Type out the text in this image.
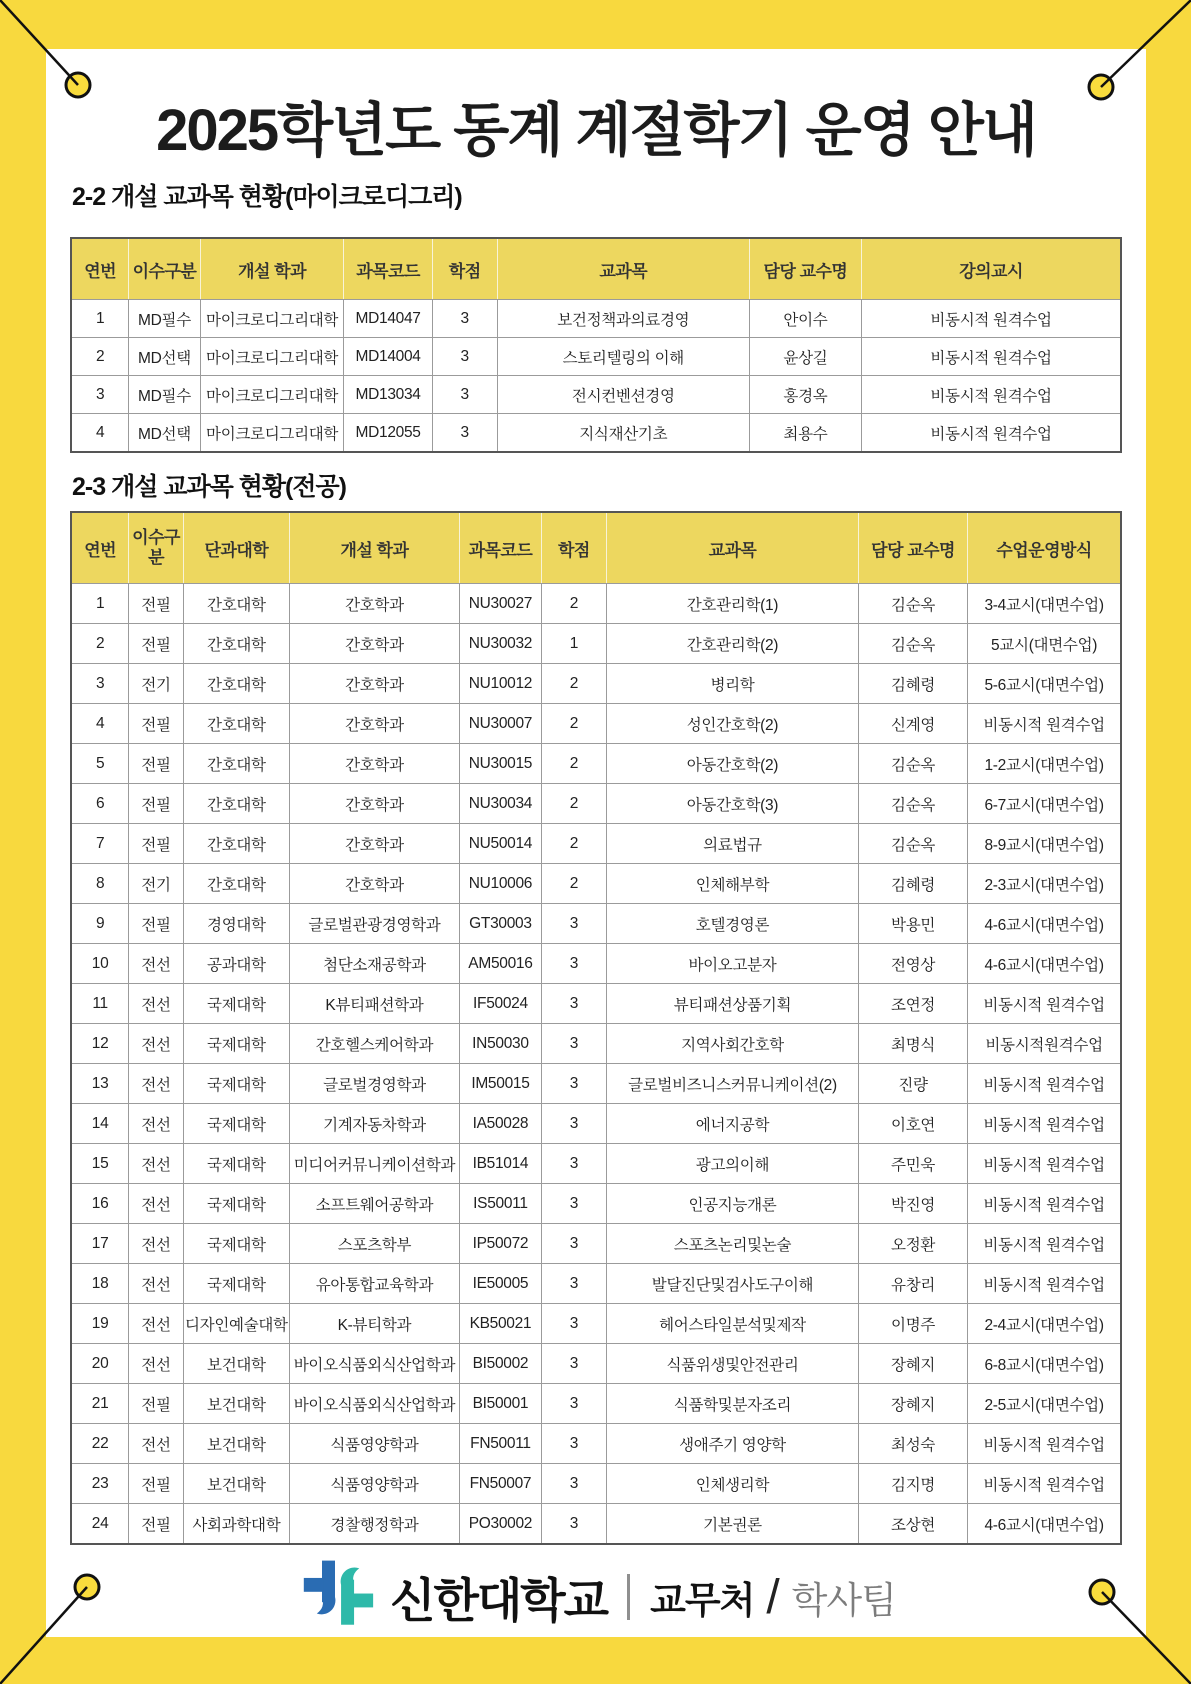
2025학년도 동계 계절학기 운영 안내
2-2 개설 교과목 현황(마이크로디그리)
연번	이수구분	개설 학과	과목코드	학점	교과목	담당 교수명	강의교시
1	MD필수	마이크로디그리대학	MD14047	3	보건정책과의료경영	안이수	비동시적 원격수업
2	MD선택	마이크로디그리대학	MD14004	3	스토리텔링의 이해	윤상길	비동시적 원격수업
3	MD필수	마이크로디그리대학	MD13034	3	전시컨벤션경영	홍경옥	비동시적 원격수업
4	MD선택	마이크로디그리대학	MD12055	3	지식재산기초	최용수	비동시적 원격수업
2-3 개설 교과목 현황(전공)
연번	이수구분	단과대학	개설 학과	과목코드	학점	교과목	담당 교수명	수업운영방식
1	전필	간호대학	간호학과	NU30027	2	간호관리학(1)	김순옥	3-4교시(대면수업)
2	전필	간호대학	간호학과	NU30032	1	간호관리학(2)	김순옥	5교시(대면수업)
3	전기	간호대학	간호학과	NU10012	2	병리학	김혜령	5-6교시(대면수업)
4	전필	간호대학	간호학과	NU30007	2	성인간호학(2)	신계영	비동시적 원격수업
5	전필	간호대학	간호학과	NU30015	2	아동간호학(2)	김순옥	1-2교시(대면수업)
6	전필	간호대학	간호학과	NU30034	2	아동간호학(3)	김순옥	6-7교시(대면수업)
7	전필	간호대학	간호학과	NU50014	2	의료법규	김순옥	8-9교시(대면수업)
8	전기	간호대학	간호학과	NU10006	2	인체해부학	김혜령	2-3교시(대면수업)
9	전필	경영대학	글로벌관광경영학과	GT30003	3	호텔경영론	박용민	4-6교시(대면수업)
10	전선	공과대학	첨단소재공학과	AM50016	3	바이오고분자	전영상	4-6교시(대면수업)
11	전선	국제대학	K뷰티패션학과	IF50024	3	뷰티패션상품기획	조연정	비동시적 원격수업
12	전선	국제대학	간호헬스케어학과	IN50030	3	지역사회간호학	최명식	비동시적원격수업
13	전선	국제대학	글로벌경영학과	IM50015	3	글로벌비즈니스커뮤니케이션(2)	진량	비동시적 원격수업
14	전선	국제대학	기계자동차학과	IA50028	3	에너지공학	이호연	비동시적 원격수업
15	전선	국제대학	미디어커뮤니케이션학과	IB51014	3	광고의이해	주민욱	비동시적 원격수업
16	전선	국제대학	소프트웨어공학과	IS50011	3	인공지능개론	박진영	비동시적 원격수업
17	전선	국제대학	스포츠학부	IP50072	3	스포츠논리및논술	오정환	비동시적 원격수업
18	전선	국제대학	유아통합교육학과	IE50005	3	발달진단및검사도구이해	유창리	비동시적 원격수업
19	전선	디자인예술대학	K-뷰티학과	KB50021	3	헤어스타일분석및제작	이명주	2-4교시(대면수업)
20	전선	보건대학	바이오식품외식산업학과	BI50002	3	식품위생및안전관리	장혜지	6-8교시(대면수업)
21	전필	보건대학	바이오식품외식산업학과	BI50001	3	식품학및분자조리	장혜지	2-5교시(대면수업)
22	전선	보건대학	식품영양학과	FN50011	3	생애주기 영양학	최성숙	비동시적 원격수업
23	전필	보건대학	식품영양학과	FN50007	3	인체생리학	김지명	비동시적 원격수업
24	전필	사회과학대학	경찰행정학과	PO30002	3	기본권론	조상현	4-6교시(대면수업)
신한대학교 교무처 / 학사팀
